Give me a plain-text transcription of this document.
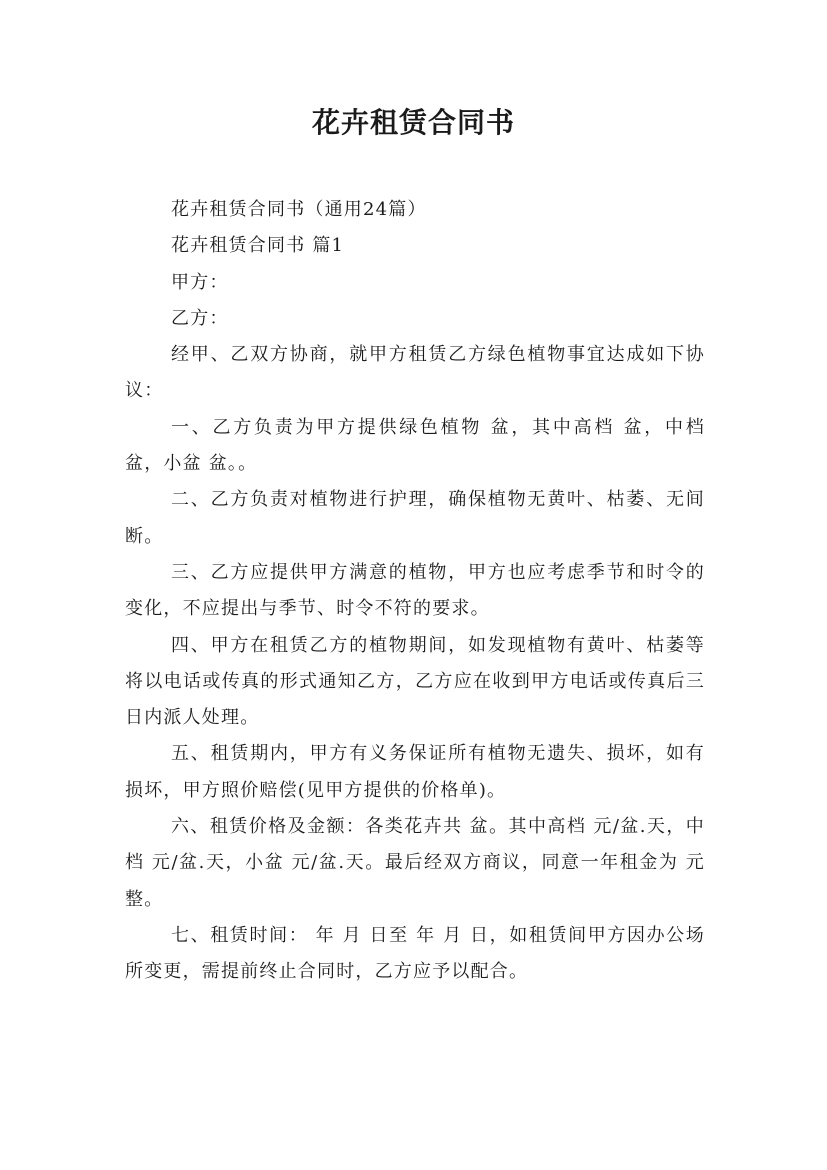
花卉租赁合同书

花卉租赁合同书（通用24篇）

花卉租赁合同书 篇1

甲方：

乙方：

经甲、乙双方协商，就甲方租赁乙方绿色植物事宜达成如下协议：

一、乙方负责为甲方提供绿色植物 盆，其中高档 盆，中档 盆，小盆 盆。。

二、乙方负责对植物进行护理，确保植物无黄叶、枯萎、无间断。

三、乙方应提供甲方满意的植物，甲方也应考虑季节和时令的变化，不应提出与季节、时令不符的要求。

四、甲方在租赁乙方的植物期间，如发现植物有黄叶、枯萎等将以电话或传真的形式通知乙方，乙方应在收到甲方电话或传真后三日内派人处理。

五、租赁期内，甲方有义务保证所有植物无遗失、损坏，如有损坏，甲方照价赔偿(见甲方提供的价格单)。

六、租赁价格及金额：各类花卉共 盆。其中高档 元/盆.天，中档 元/盆.天，小盆 元/盆.天。最后经双方商议，同意一年租金为 元整。

七、租赁时间： 年 月 日至 年 月 日，如租赁间甲方因办公场所变更，需提前终止合同时，乙方应予以配合。
